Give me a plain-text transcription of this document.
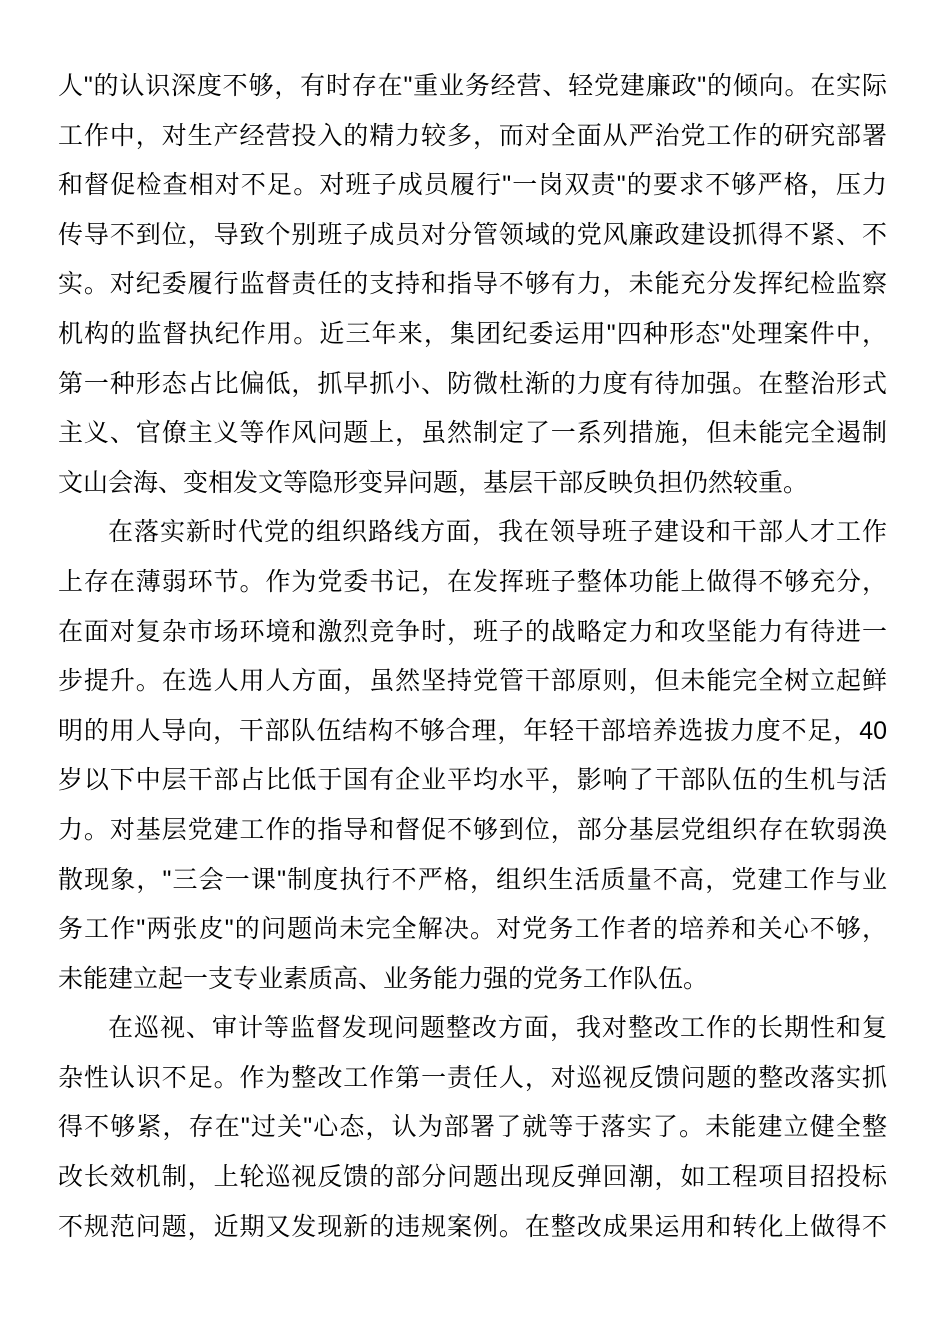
人"的认识深度不够，有时存在"重业务经营、轻党建廉政"的倾向。在实际
工作中，对生产经营投入的精力较多，而对全面从严治党工作的研究部署
和督促检查相对不足。对班子成员履行"一岗双责"的要求不够严格，压力
传导不到位，导致个别班子成员对分管领域的党风廉政建设抓得不紧、不
实。对纪委履行监督责任的支持和指导不够有力，未能充分发挥纪检监察
机构的监督执纪作用。近三年来，集团纪委运用"四种形态"处理案件中，
第一种形态占比偏低，抓早抓小、防微杜渐的力度有待加强。在整治形式
主义、官僚主义等作风问题上，虽然制定了一系列措施，但未能完全遏制
文山会海、变相发文等隐形变异问题，基层干部反映负担仍然较重。
在落实新时代党的组织路线方面，我在领导班子建设和干部人才工作
上存在薄弱环节。作为党委书记，在发挥班子整体功能上做得不够充分，
在面对复杂市场环境和激烈竞争时，班子的战略定力和攻坚能力有待进一
步提升。在选人用人方面，虽然坚持党管干部原则，但未能完全树立起鲜
明的用人导向，干部队伍结构不够合理，年轻干部培养选拔力度不足，40
岁以下中层干部占比低于国有企业平均水平，影响了干部队伍的生机与活
力。对基层党建工作的指导和督促不够到位，部分基层党组织存在软弱涣
散现象，"三会一课"制度执行不严格，组织生活质量不高，党建工作与业
务工作"两张皮"的问题尚未完全解决。对党务工作者的培养和关心不够，
未能建立起一支专业素质高、业务能力强的党务工作队伍。
在巡视、审计等监督发现问题整改方面，我对整改工作的长期性和复
杂性认识不足。作为整改工作第一责任人，对巡视反馈问题的整改落实抓
得不够紧，存在"过关"心态，认为部署了就等于落实了。未能建立健全整
改长效机制，上轮巡视反馈的部分问题出现反弹回潮，如工程项目招投标
不规范问题，近期又发现新的违规案例。在整改成果运用和转化上做得不
